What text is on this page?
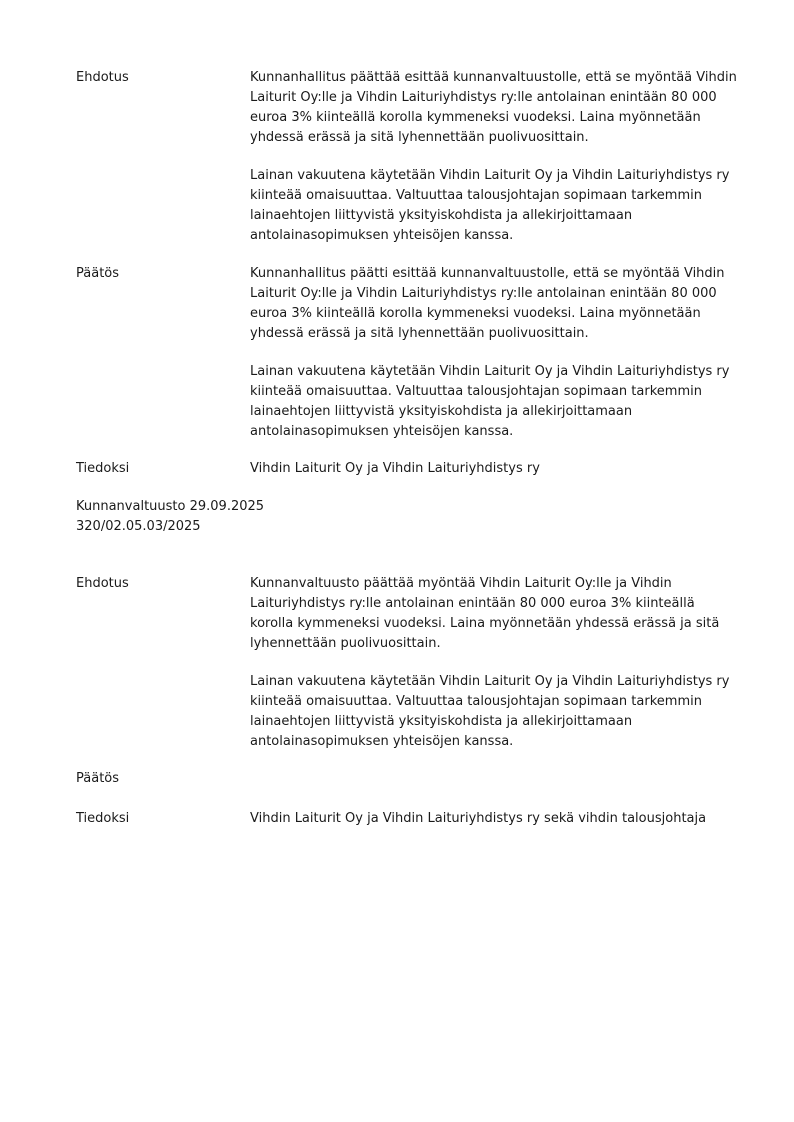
Ehdotus	Kunnanhallitus päättää esittää kunnanvaltuustolle, että se myöntää Vihdin
Laiturit Oy:lle ja Vihdin Laituriyhdistys ry:lle antolainan enintään 80 000
euroa 3% kiinteällä korolla kymmeneksi vuodeksi. Laina myönnetään
yhdessä erässä ja sitä lyhennettään puolivuosittain.
Lainan vakuutena käytetään Vihdin Laiturit Oy ja Vihdin Laituriyhdistys ry
kiinteää omaisuuttaa. Valtuuttaa talousjohtajan sopimaan tarkemmin
lainaehtojen liittyvistä yksityiskohdista ja allekirjoittamaan
antolainasopimuksen yhteisöjen kanssa.
Päätös	Kunnanhallitus päätti esittää kunnanvaltuustolle, että se myöntää Vihdin
Laiturit Oy:lle ja Vihdin Laituriyhdistys ry:lle antolainan enintään 80 000
euroa 3% kiinteällä korolla kymmeneksi vuodeksi. Laina myönnetään
yhdessä erässä ja sitä lyhennettään puolivuosittain.
Lainan vakuutena käytetään Vihdin Laiturit Oy ja Vihdin Laituriyhdistys ry
kiinteää omaisuuttaa. Valtuuttaa talousjohtajan sopimaan tarkemmin
lainaehtojen liittyvistä yksityiskohdista ja allekirjoittamaan
antolainasopimuksen yhteisöjen kanssa.
Tiedoksi	Vihdin Laiturit Oy ja Vihdin Laituriyhdistys ry
Kunnanvaltuusto 29.09.2025
320/02.05.03/2025
Ehdotus	Kunnanvaltuusto päättää myöntää Vihdin Laiturit Oy:lle ja Vihdin
Laituriyhdistys ry:lle antolainan enintään 80 000 euroa 3% kiinteällä
korolla kymmeneksi vuodeksi. Laina myönnetään yhdessä erässä ja sitä
lyhennettään puolivuosittain.
Lainan vakuutena käytetään Vihdin Laiturit Oy ja Vihdin Laituriyhdistys ry
kiinteää omaisuuttaa. Valtuuttaa talousjohtajan sopimaan tarkemmin
lainaehtojen liittyvistä yksityiskohdista ja allekirjoittamaan
antolainasopimuksen yhteisöjen kanssa.
Päätös
Tiedoksi	Vihdin Laiturit Oy ja Vihdin Laituriyhdistys ry sekä vihdin talousjohtaja
